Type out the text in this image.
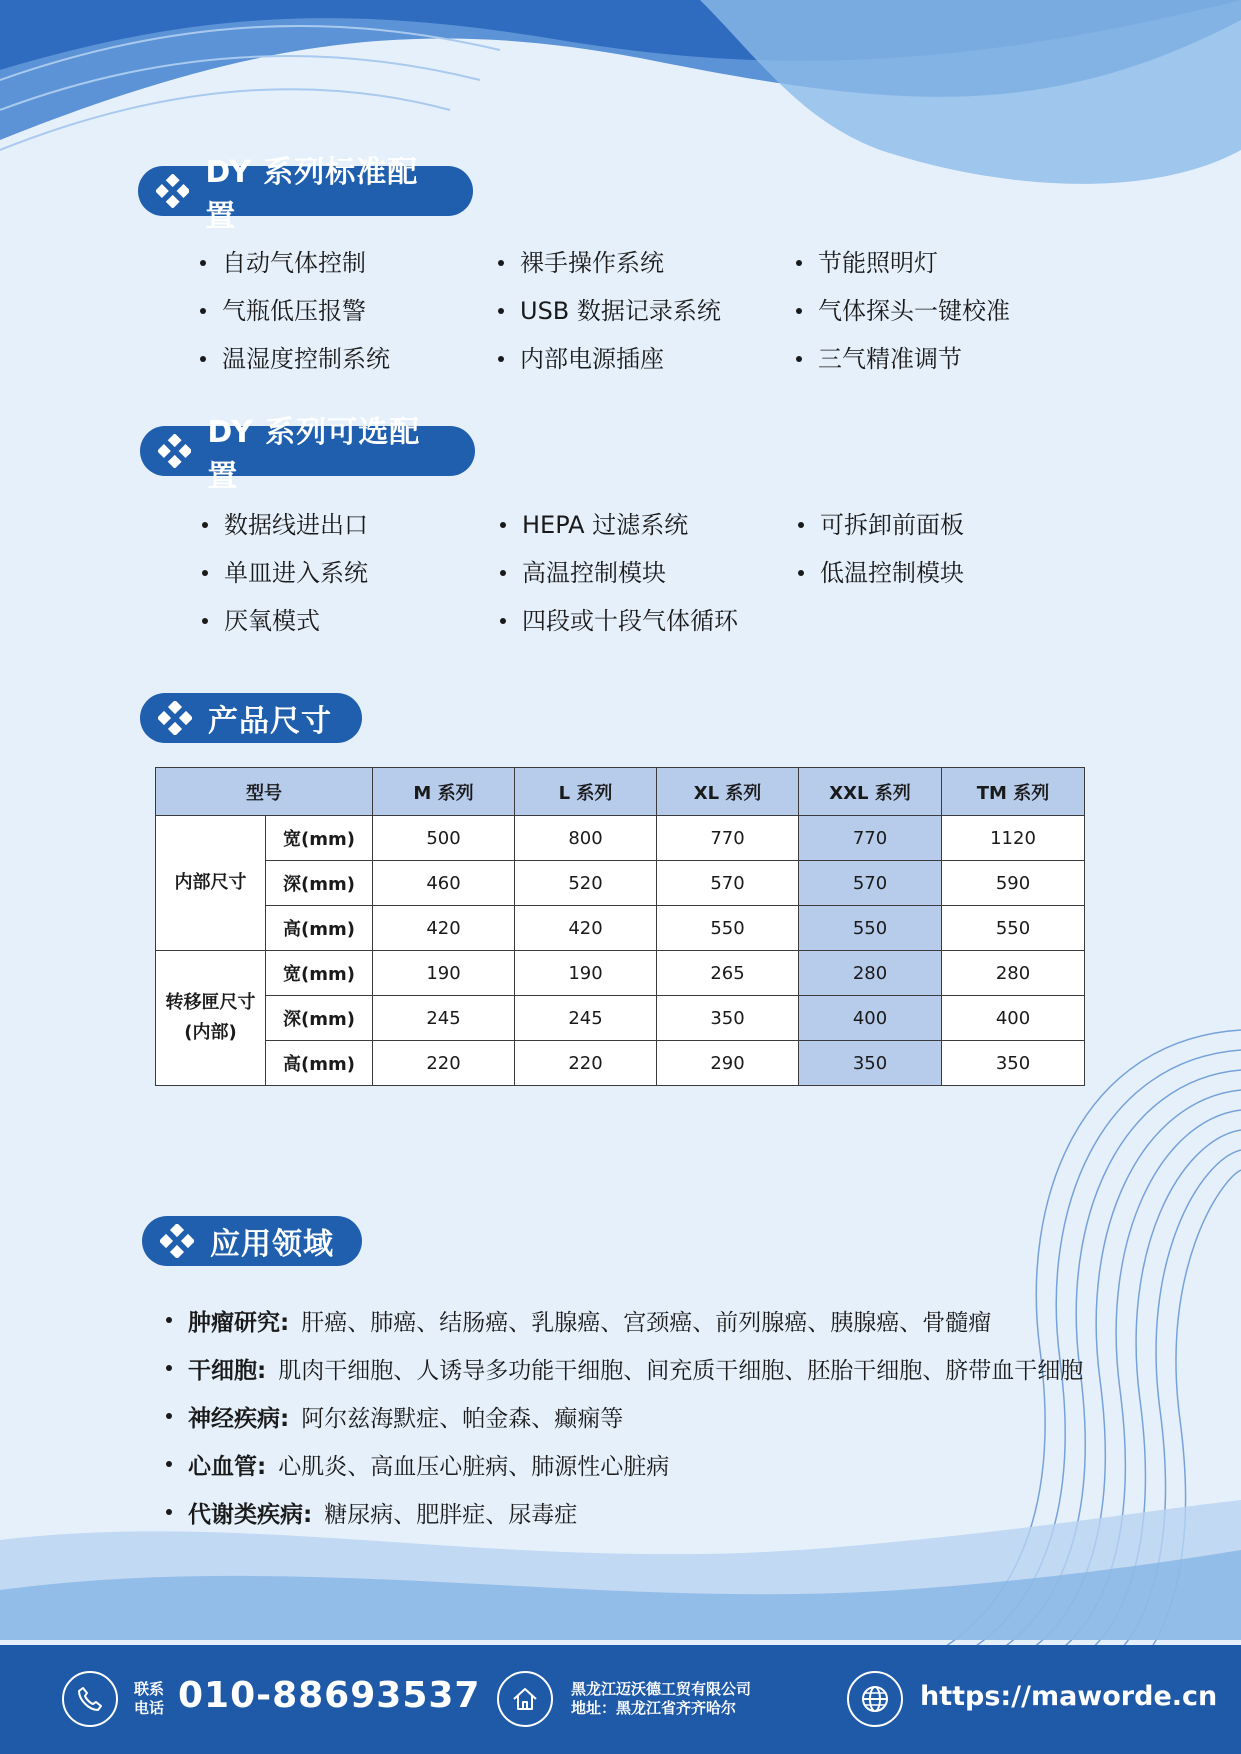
DY 系列标准配置
自动气体控制	裸手操作系统	节能照明灯
气瓶低压报警	USB 数据记录系统	气体探头一键校准
温湿度控制系统	内部电源插座	三气精准调节
DY 系列可选配置
数据线进出口	HEPA 过滤系统	可拆卸前面板
单皿进入系统	高温控制模块	低温控制模块
厌氧模式	四段或十段气体循环
产品尺寸
型号		M 系列	L 系列	XL 系列	XXL 系列	TM 系列
内部尺寸	宽(mm)	500	800	770	770	1120
	深(mm)	460	520	570	570	590
	高(mm)	420	420	550	550	550

转移匣尺寸
(内部)	宽(mm)	190	190	265	280	280
	深(mm)	245	245	350	400	400
	高(mm)	220	220	290	350	350
应用领域
肿瘤研究: 肝癌、肺癌、结肠癌、乳腺癌、宫颈癌、前列腺癌、胰腺癌、骨髓瘤
干细胞: 肌肉干细胞、人诱导多功能干细胞、间充质干细胞、胚胎干细胞、脐带血干细胞
神经疾病: 阿尔兹海默症、帕金森、癫痫等
心血管: 心肌炎、高血压心脏病、肺源性心脏病
代谢类疾病: 糖尿病、肥胖症、尿毒症
联系
电话 010-88693537	黑龙江迈沃德工贸有限公司
地址：黑龙江省齐齐哈尔	https://maworde.cn
